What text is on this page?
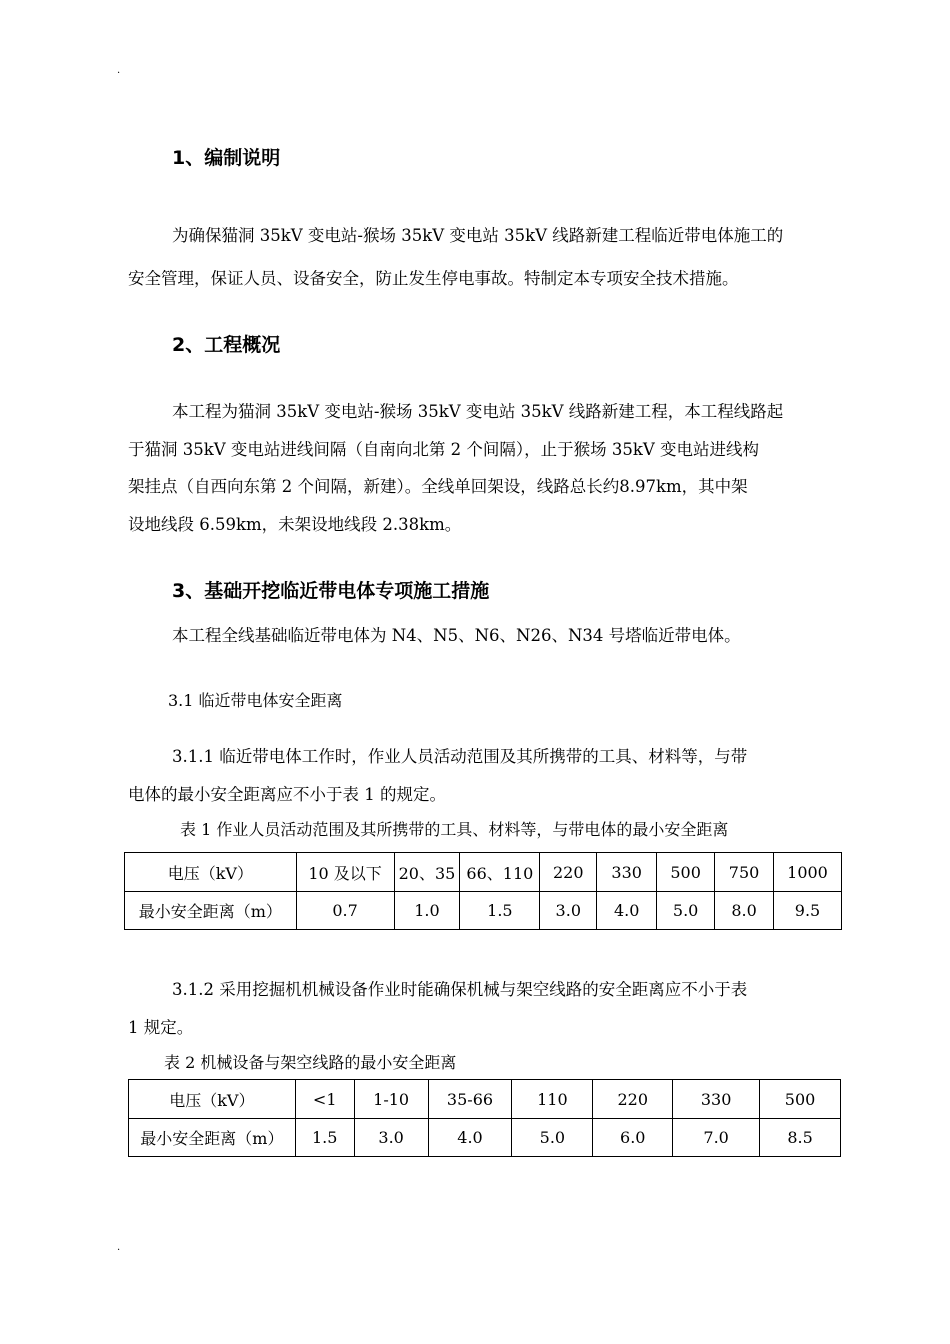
.
1、编制说明
为确保猫洞 35kV 变电站-猴场 35kV 变电站 35kV 线路新建工程临近带电体施工的
安全管理，保证人员、设备安全，防止发生停电事故。特制定本专项安全技术措施。
2、工程概况
本工程为猫洞 35kV 变电站-猴场 35kV 变电站 35kV 线路新建工程，本工程线路起
于猫洞 35kV 变电站进线间隔（自南向北第 2 个间隔），止于猴场 35kV 变电站进线构
架挂点（自西向东第 2 个间隔，新建）。全线单回架设，线路总长约8.97km，其中架
设地线段 6.59km，未架设地线段 2.38km。
3、基础开挖临近带电体专项施工措施
本工程全线基础临近带电体为 N4、N5、N6、N26、N34 号塔临近带电体。
3.1 临近带电体安全距离
3.1.1 临近带电体工作时，作业人员活动范围及其所携带的工具、材料等，与带
电体的最小安全距离应不小于表 1 的规定。
表 1 作业人员活动范围及其所携带的工具、材料等，与带电体的最小安全距离
电压（kV）	10 及以下	20、35	66、110	220	330	500	750	1000
最小安全距离（m）	0.7	1.0	1.5	3.0	4.0	5.0	8.0	9.5
3.1.2 采用挖掘机机械设备作业时能确保机械与架空线路的安全距离应不小于表
1 规定。
表 2 机械设备与架空线路的最小安全距离
电压（kV）	<1	1-10	35-66	110	220	330	500
最小安全距离（m）	1.5	3.0	4.0	5.0	6.0	7.0	8.5
.
